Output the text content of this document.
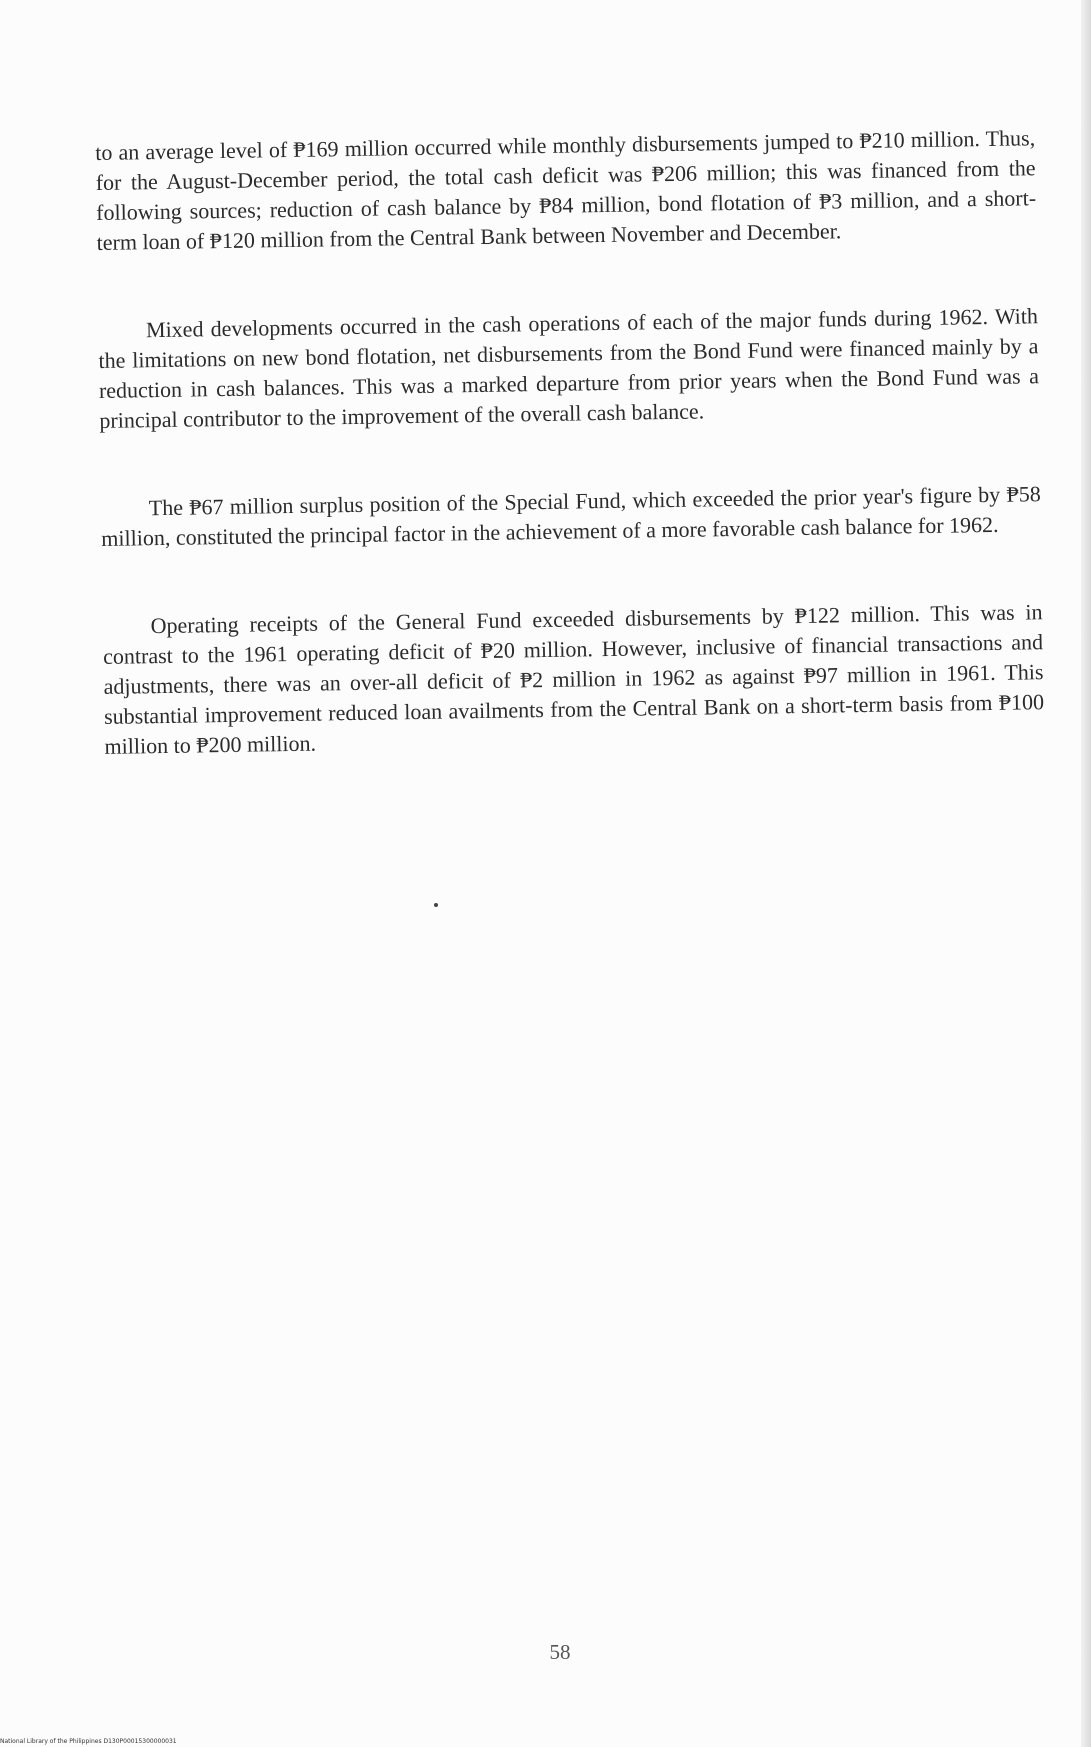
to an average level of ₱169 million occurred while monthly disbursements jumped to ₱210 million. Thus, for the August-December period, the total cash deficit was ₱206 million; this was financed from the following sources; reduction of cash balance by ₱84 million, bond flotation of ₱3 million, and a short-term loan of ₱120 million from the Central Bank between November and December.

Mixed developments occurred in the cash operations of each of the major funds during 1962. With the limitations on new bond flotation, net disbursements from the Bond Fund were financed mainly by a reduction in cash balances. This was a marked departure from prior years when the Bond Fund was a principal contributor to the improvement of the overall cash balance.

The ₱67 million surplus position of the Special Fund, which exceeded the prior year's figure by ₱58 million, constituted the principal factor in the achievement of a more favorable cash balance for 1962.

Operating receipts of the General Fund exceeded disbursements by ₱122 million. This was in contrast to the 1961 operating deficit of ₱20 million. However, inclusive of financial transactions and adjustments, there was an over-all deficit of ₱2 million in 1962 as against ₱97 million in 1961. This substantial improvement reduced loan availments from the Central Bank on a short-term basis from ₱100 million to ₱200 million.

58
National Library of the Philippines D130P00015300000031
